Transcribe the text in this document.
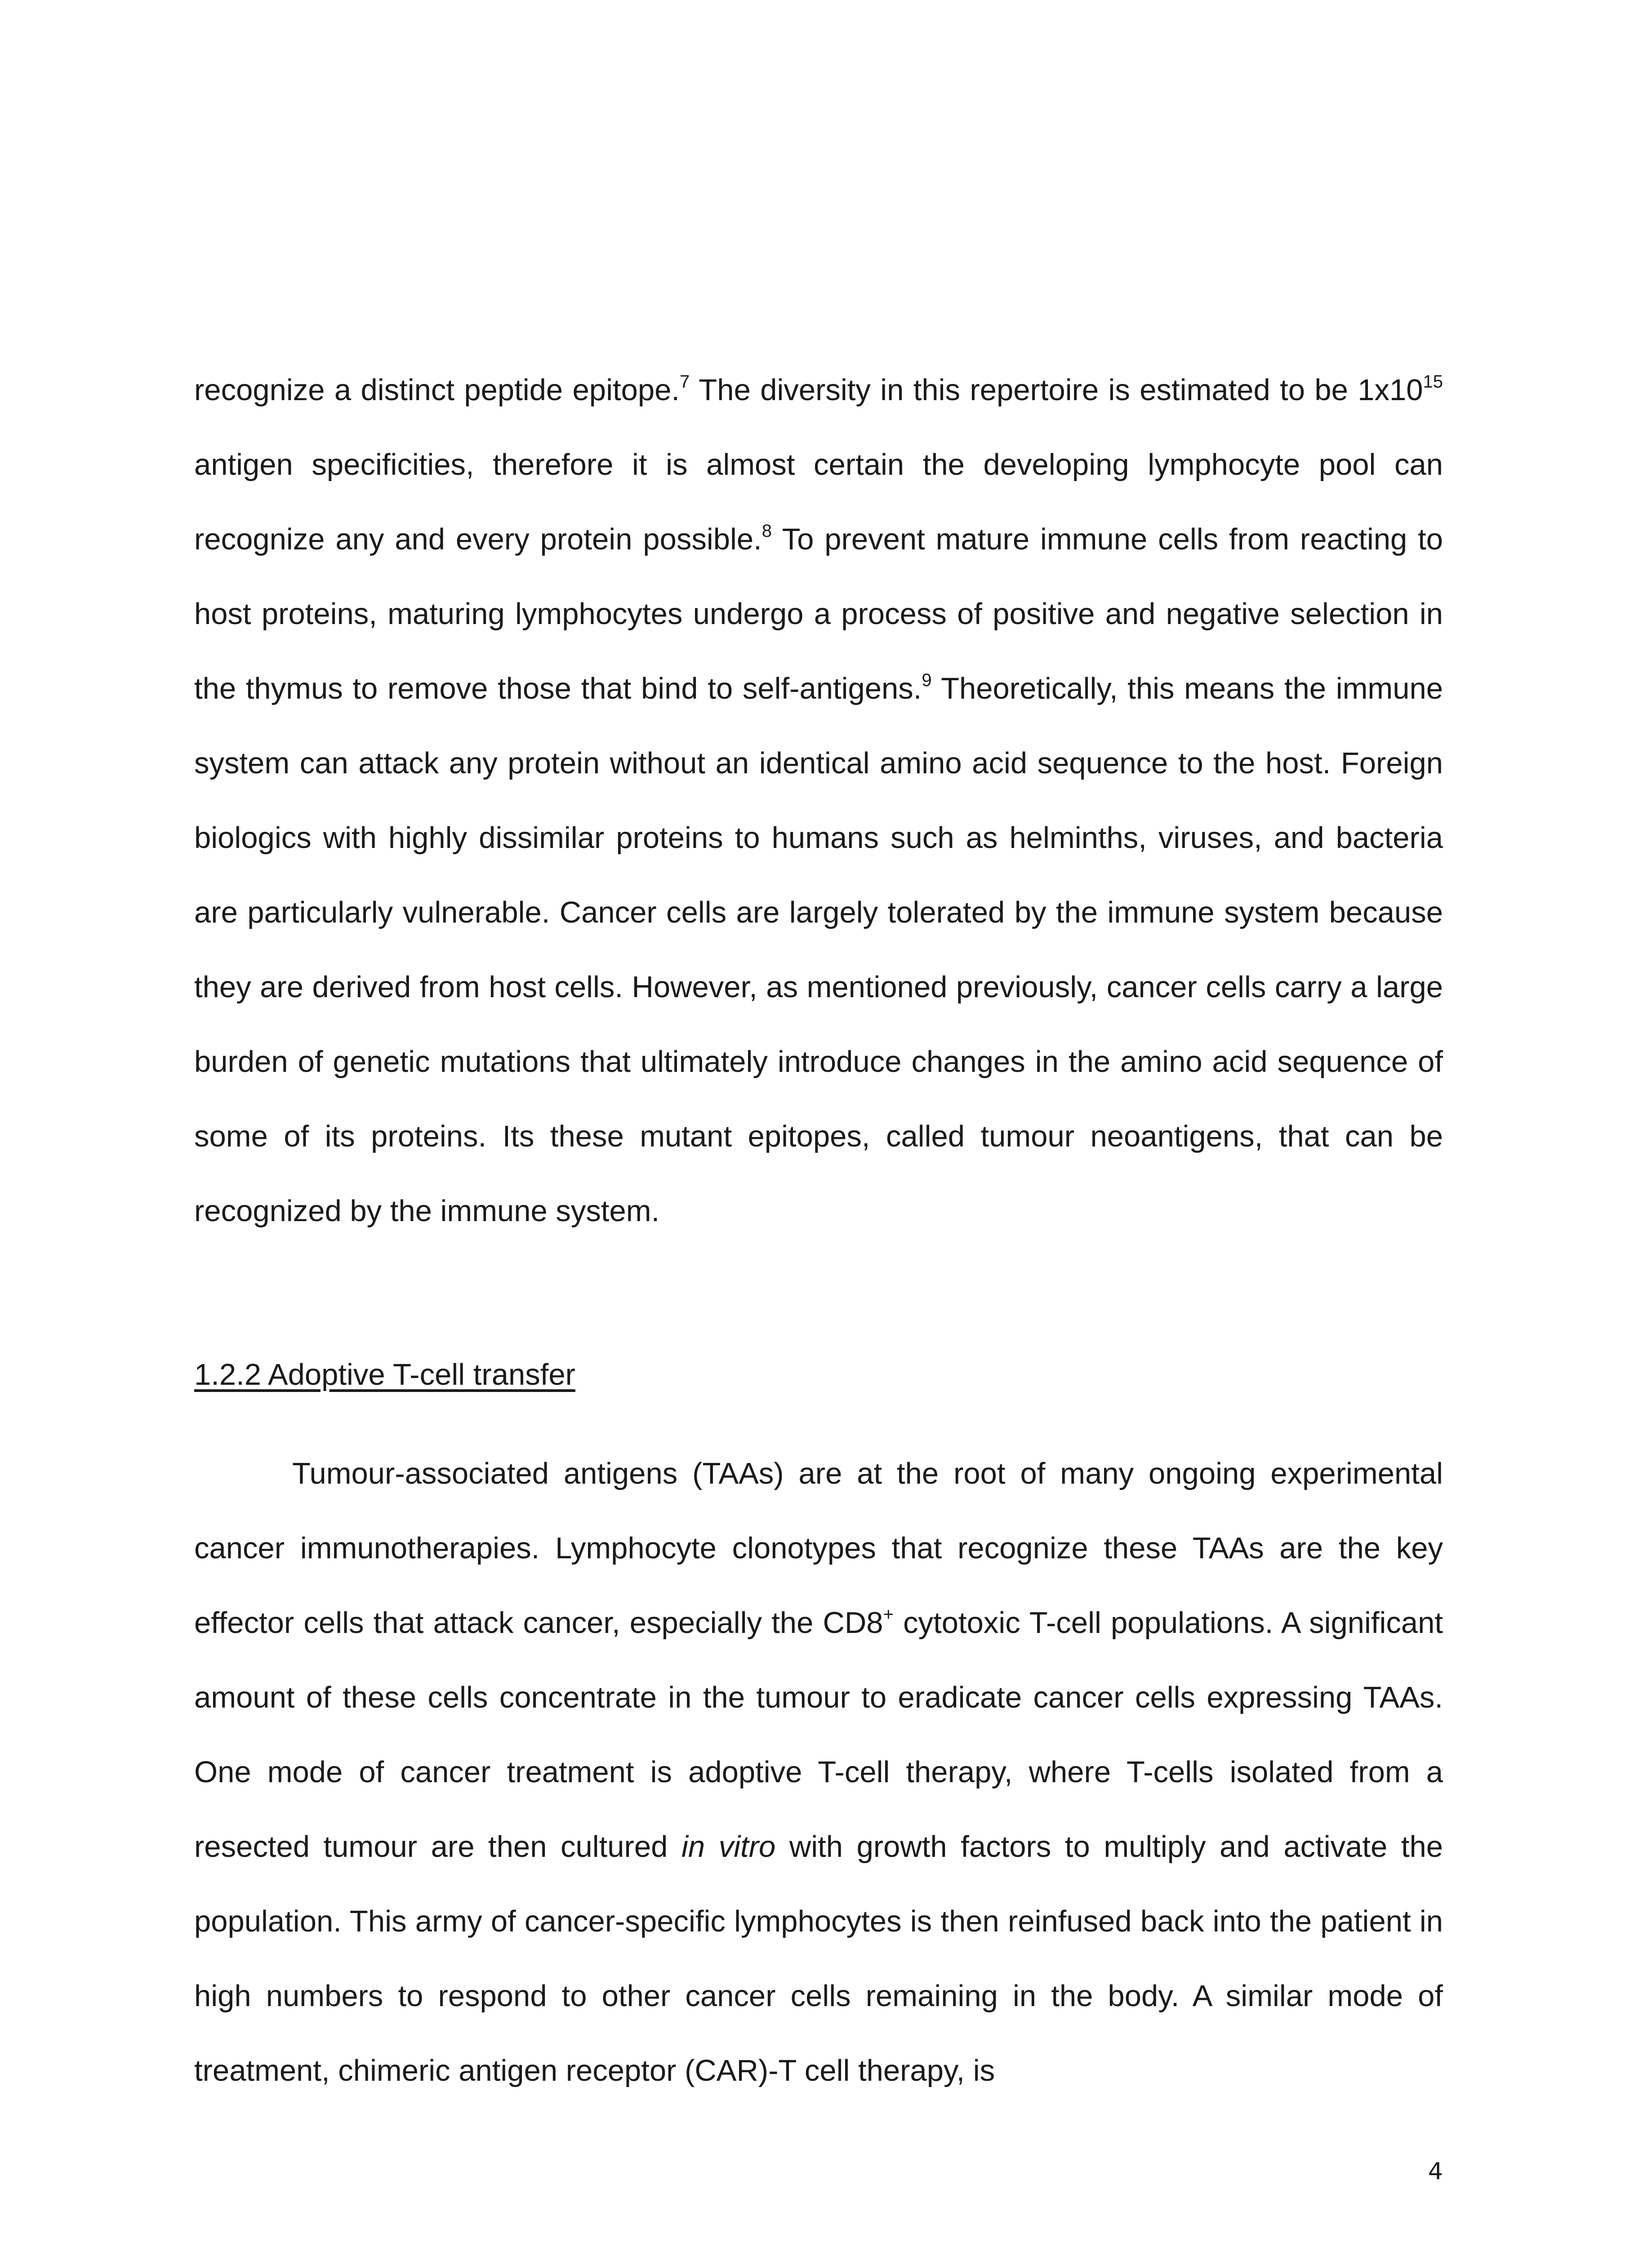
recognize a distinct peptide epitope.$^7$ The diversity in this repertoire is estimated to be $1x10^{15}$ antigen specificities, therefore it is almost certain the developing lymphocyte pool can recognize any and every protein possible.$^8$ To prevent mature immune cells from reacting to host proteins, maturing lymphocytes undergo a process of positive and negative selection in the thymus to remove those that bind to self-antigens.$^9$ Theoretically, this means the immune system can attack any protein without an identical amino acid sequence to the host. Foreign biologics with highly dissimilar proteins to humans such as helminths, viruses, and bacteria are particularly vulnerable. Cancer cells are largely tolerated by the immune system because they are derived from host cells. However, as mentioned previously, cancer cells carry a large burden of genetic mutations that ultimately introduce changes in the amino acid sequence of some of its proteins. Its these mutant epitopes, called tumour neoantigens, that can be recognized by the immune system.

1.2.2 Adoptive T-cell transfer

Tumour-associated antigens (TAAs) are at the root of many ongoing experimental cancer immunotherapies. Lymphocyte clonotypes that recognize these TAAs are the key effector cells that attack cancer, especially the CD8+ cytotoxic T-cell populations. A significant amount of these cells concentrate in the tumour to eradicate cancer cells expressing TAAs. One mode of cancer treatment is adoptive T-cell therapy, where T-cells isolated from a resected tumour are then cultured in vitro with growth factors to multiply and activate the population. This army of cancer-specific lymphocytes is then reinfused back into the patient in high numbers to respond to other cancer cells remaining in the body. A similar mode of treatment, chimeric antigen receptor (CAR)-T cell therapy, is

4
